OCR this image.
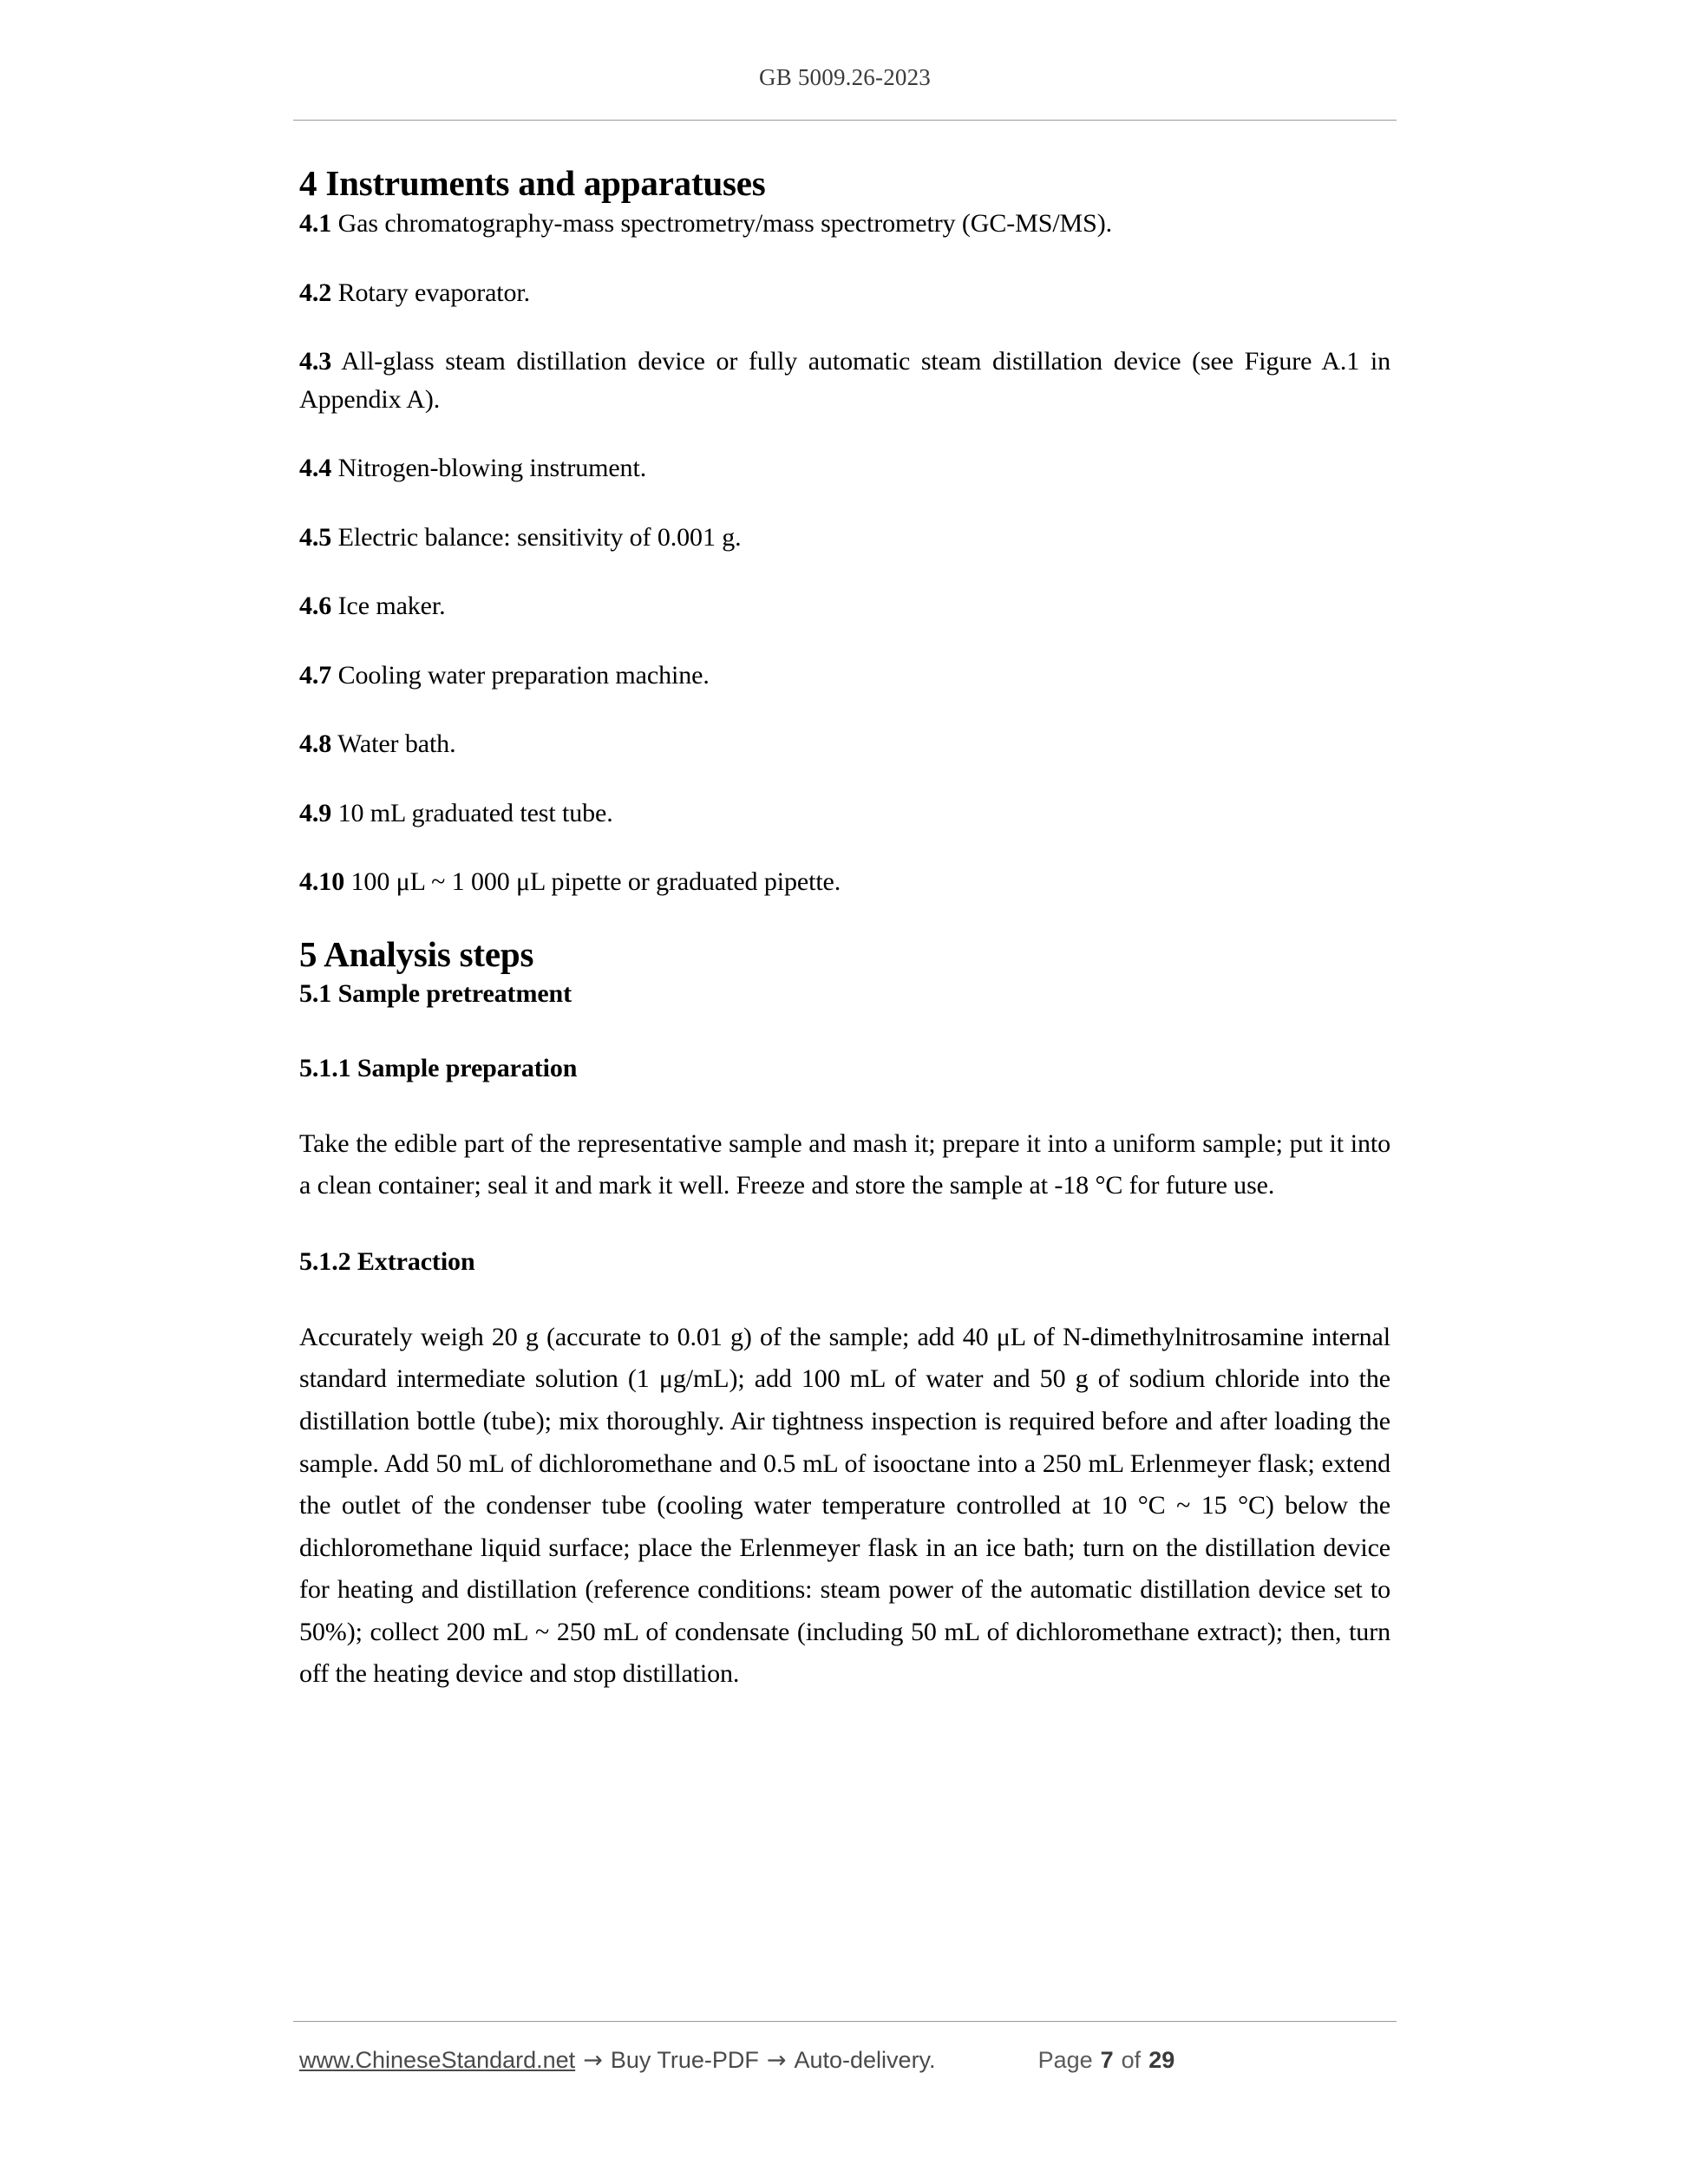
GB 5009.26-2023
4 Instruments and apparatuses

4.1 Gas chromatography-mass spectrometry/mass spectrometry (GC-MS/MS).

4.2 Rotary evaporator.

4.3 All-glass steam distillation device or fully automatic steam distillation device (see Figure A.1 in Appendix A).

4.4 Nitrogen-blowing instrument.

4.5 Electric balance: sensitivity of 0.001 g.

4.6 Ice maker.

4.7 Cooling water preparation machine.

4.8 Water bath.

4.9 10 mL graduated test tube.

4.10 100 μL ~ 1 000 μL pipette or graduated pipette.

5 Analysis steps
5.1 Sample pretreatment
5.1.1 Sample preparation

Take the edible part of the representative sample and mash it; prepare it into a uniform sample; put it into a clean container; seal it and mark it well. Freeze and store the sample at -18 °C for future use.

5.1.2 Extraction

Accurately weigh 20 g (accurate to 0.01 g) of the sample; add 40 μL of N-dimethylnitrosamine internal standard intermediate solution (1 μg/mL); add 100 mL of water and 50 g of sodium chloride into the distillation bottle (tube); mix thoroughly. Air tightness inspection is required before and after loading the sample. Add 50 mL of dichloromethane and 0.5 mL of isooctane into a 250 mL Erlenmeyer flask; extend the outlet of the condenser tube (cooling water temperature controlled at 10 °C ~ 15 °C) below the dichloromethane liquid surface; place the Erlenmeyer flask in an ice bath; turn on the distillation device for heating and distillation (reference conditions: steam power of the automatic distillation device set to 50%); collect 200 mL ~ 250 mL of condensate (including 50 mL of dichloromethane extract); then, turn off the heating device and stop distillation.

www.ChineseStandard.net → Buy True-PDF → Auto-delivery.	Page 7 of 29
